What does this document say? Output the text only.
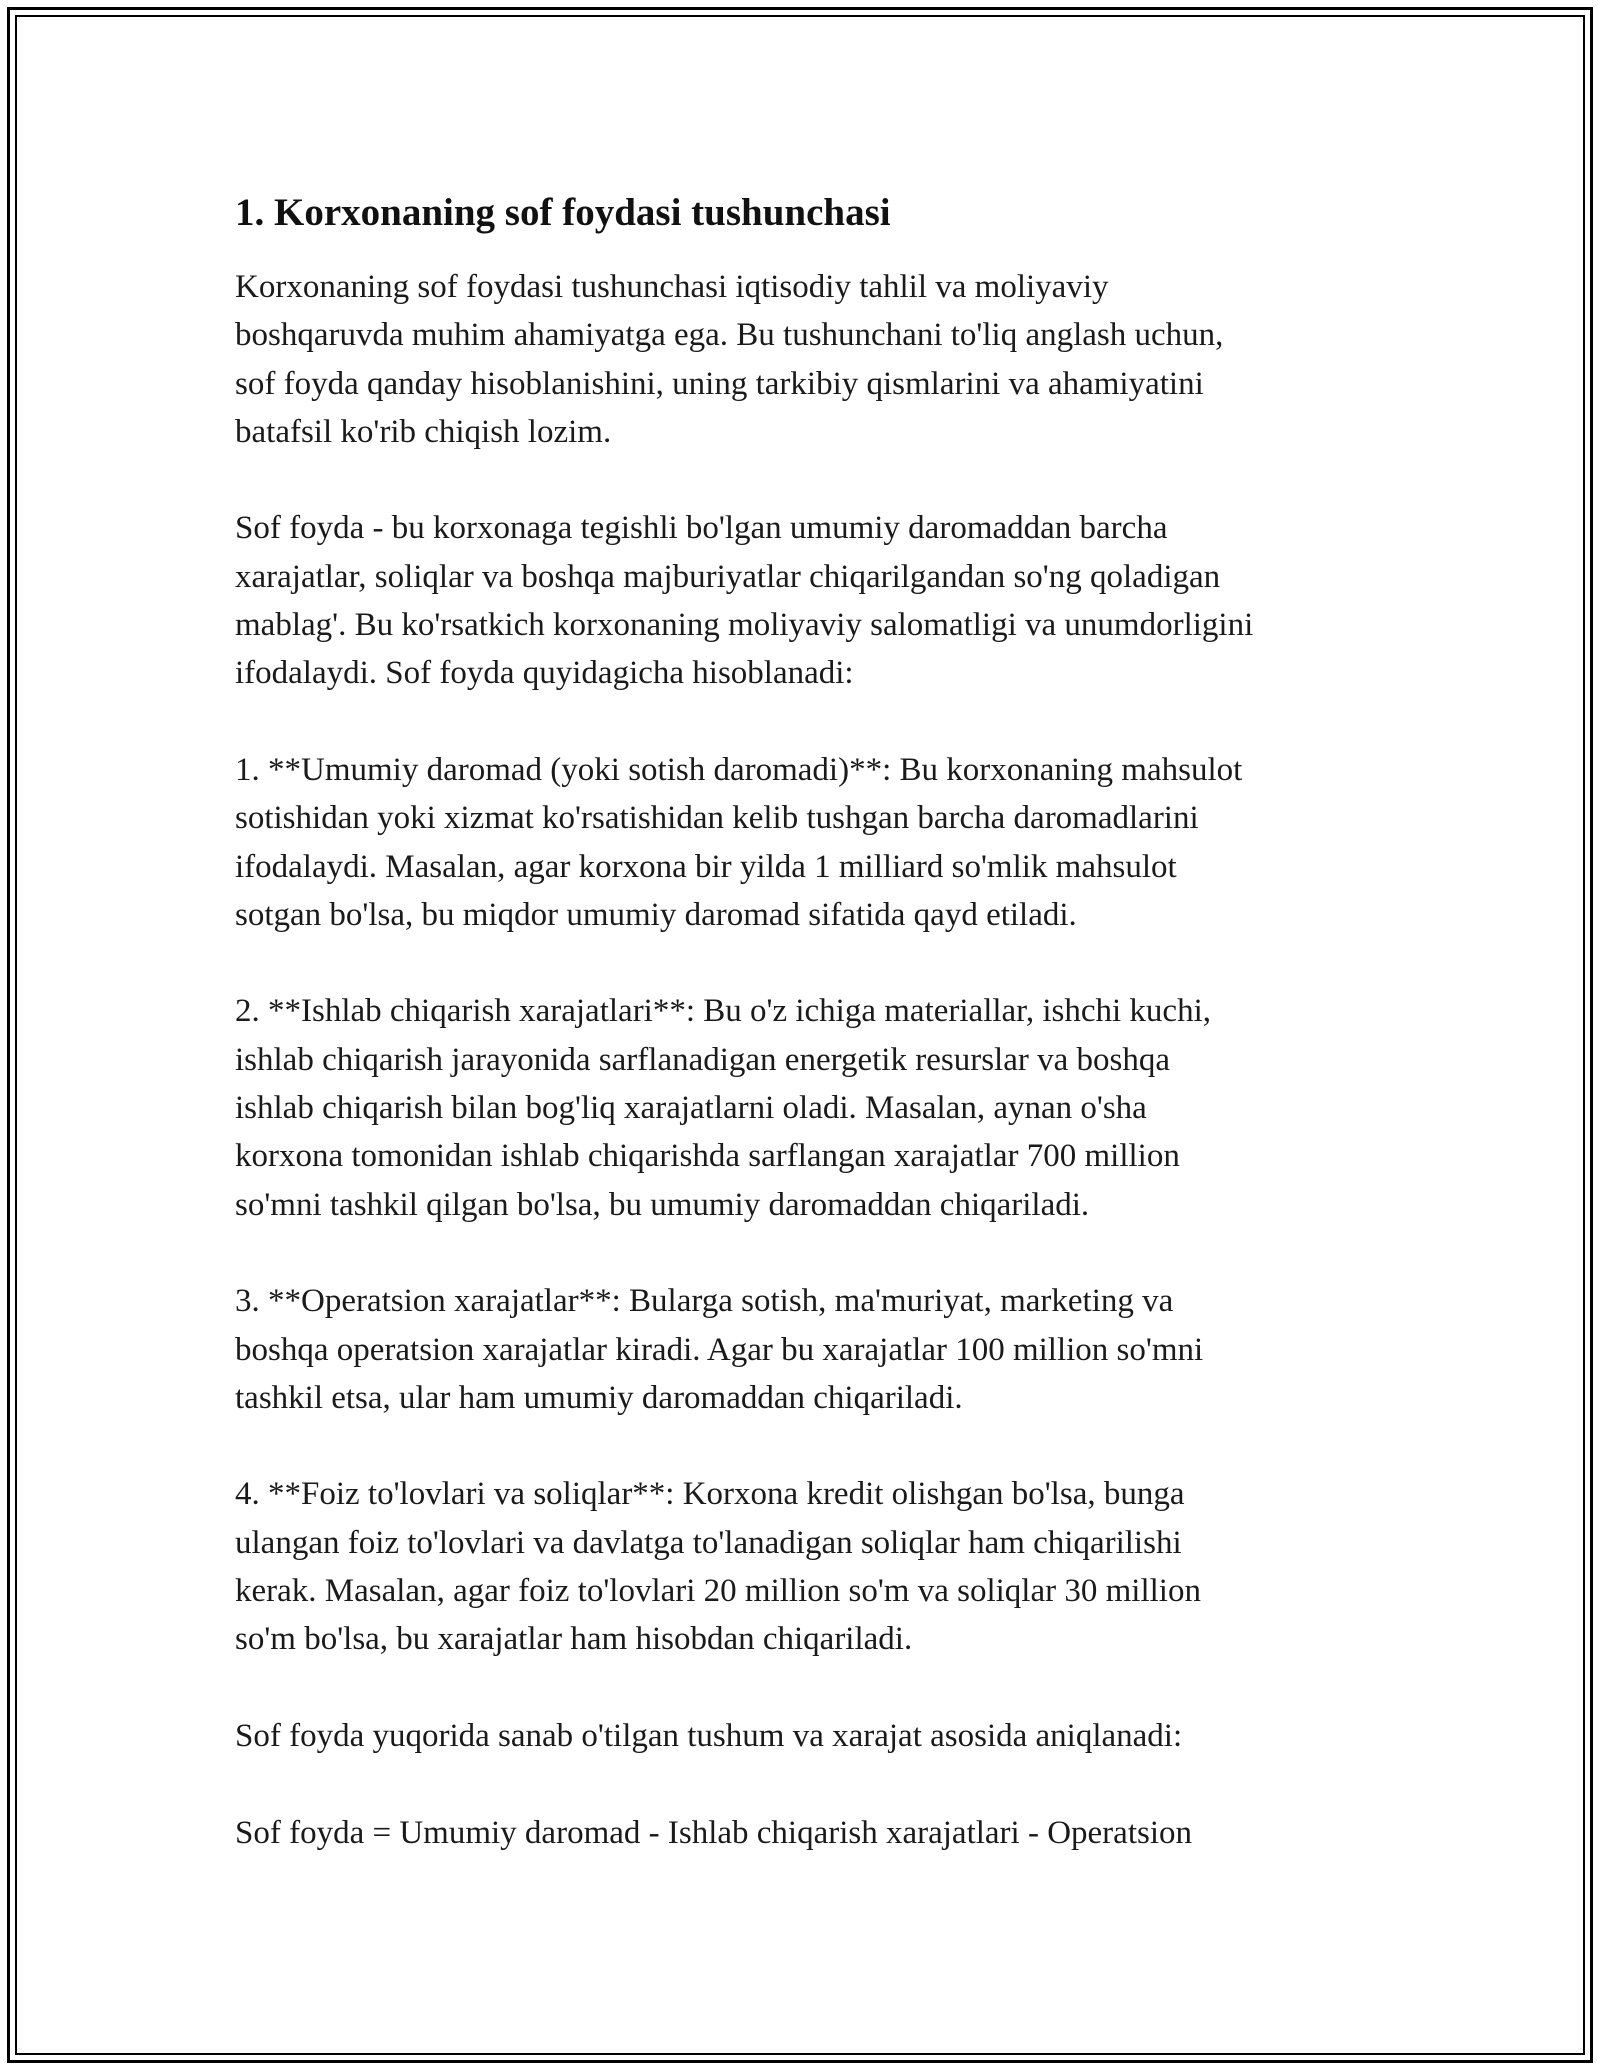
1. Korxonaning sof foydasi tushunchasi
Korxonaning sof foydasi tushunchasi iqtisodiy tahlil va moliyaviy
boshqaruvda muhim ahamiyatga ega. Bu tushunchani to'liq anglash uchun,
sof foyda qanday hisoblanishini, uning tarkibiy qismlarini va ahamiyatini
batafsil ko'rib chiqish lozim.
Sof foyda - bu korxonaga tegishli bo'lgan umumiy daromaddan barcha
xarajatlar, soliqlar va boshqa majburiyatlar chiqarilgandan so'ng qoladigan
mablag'. Bu ko'rsatkich korxonaning moliyaviy salomatligi va unumdorligini
ifodalaydi. Sof foyda quyidagicha hisoblanadi:
1. **Umumiy daromad (yoki sotish daromadi)**: Bu korxonaning mahsulot
sotishidan yoki xizmat ko'rsatishidan kelib tushgan barcha daromadlarini
ifodalaydi. Masalan, agar korxona bir yilda 1 milliard so'mlik mahsulot
sotgan bo'lsa, bu miqdor umumiy daromad sifatida qayd etiladi.
2. **Ishlab chiqarish xarajatlari**: Bu o'z ichiga materiallar, ishchi kuchi,
ishlab chiqarish jarayonida sarflanadigan energetik resurslar va boshqa
ishlab chiqarish bilan bog'liq xarajatlarni oladi. Masalan, aynan o'sha
korxona tomonidan ishlab chiqarishda sarflangan xarajatlar 700 million
so'mni tashkil qilgan bo'lsa, bu umumiy daromaddan chiqariladi.
3. **Operatsion xarajatlar**: Bularga sotish, ma'muriyat, marketing va
boshqa operatsion xarajatlar kiradi. Agar bu xarajatlar 100 million so'mni
tashkil etsa, ular ham umumiy daromaddan chiqariladi.
4. **Foiz to'lovlari va soliqlar**: Korxona kredit olishgan bo'lsa, bunga
ulangan foiz to'lovlari va davlatga to'lanadigan soliqlar ham chiqarilishi
kerak. Masalan, agar foiz to'lovlari 20 million so'm va soliqlar 30 million
so'm bo'lsa, bu xarajatlar ham hisobdan chiqariladi.
Sof foyda yuqorida sanab o'tilgan tushum va xarajat asosida aniqlanadi:
Sof foyda = Umumiy daromad - Ishlab chiqarish xarajatlari - Operatsion
